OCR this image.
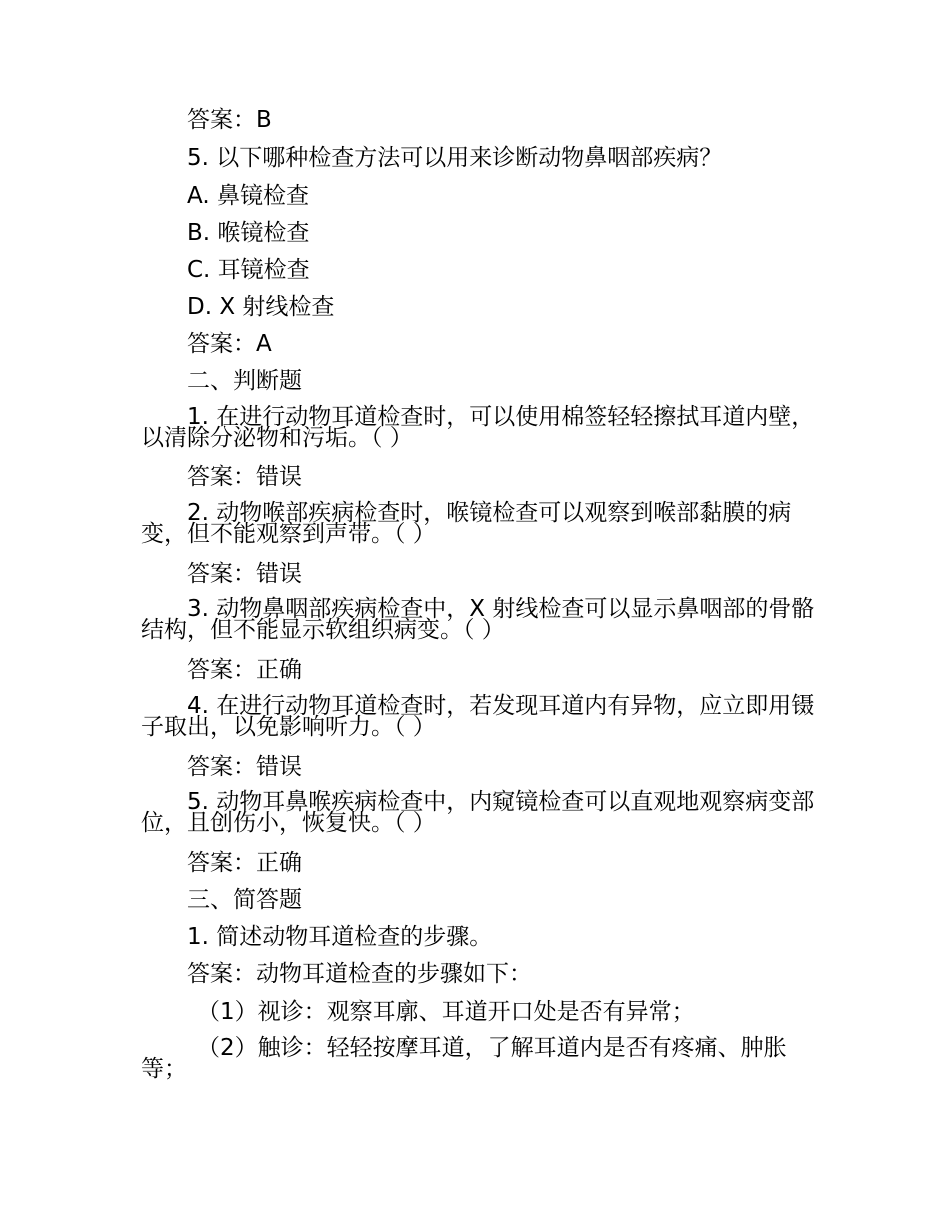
答案：B
5. 以下哪种检查方法可以用来诊断动物鼻咽部疾病？
A. 鼻镜检查
B. 喉镜检查
C. 耳镜检查
D. X 射线检查
答案：A
二、判断题
1. 在进行动物耳道检查时，可以使用棉签轻轻擦拭耳道内壁，以清除分泌物和污垢。（ ）
答案：错误
2. 动物喉部疾病检查时，喉镜检查可以观察到喉部黏膜的病变，但不能观察到声带。（ ）
答案：错误
3. 动物鼻咽部疾病检查中，X 射线检查可以显示鼻咽部的骨骼结构，但不能显示软组织病变。（ ）
答案：正确
4. 在进行动物耳道检查时，若发现耳道内有异物，应立即用镊子取出，以免影响听力。（ ）
答案：错误
5. 动物耳鼻喉疾病检查中，内窥镜检查可以直观地观察病变部位，且创伤小，恢复快。（ ）
答案：正确
三、简答题
1. 简述动物耳道检查的步骤。
答案：动物耳道检查的步骤如下：
（1）视诊：观察耳廓、耳道开口处是否有异常；
（2）触诊：轻轻按摩耳道，了解耳道内是否有疼痛、肿胀等；
